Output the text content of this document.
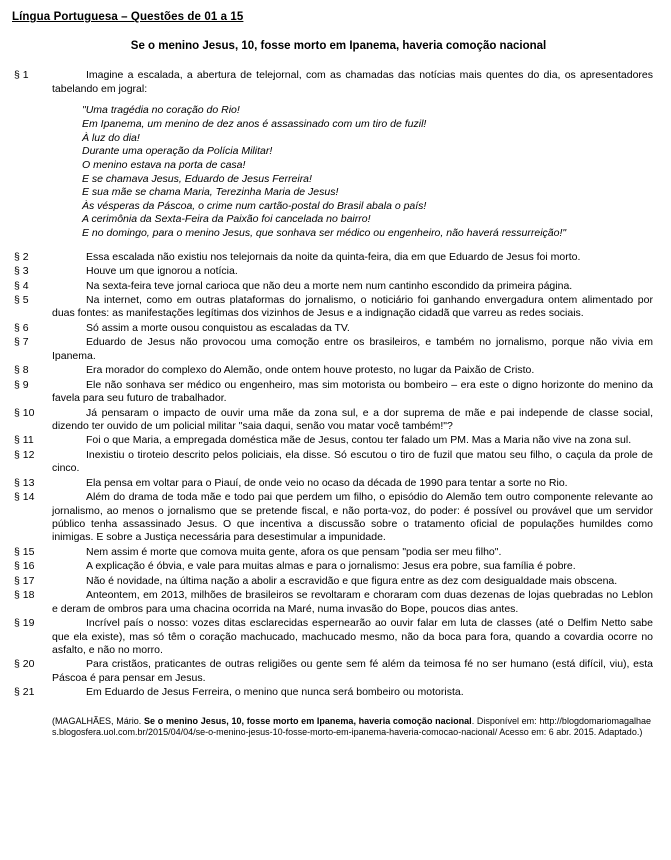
Língua Portuguesa – Questões de 01 a 15
Se o menino Jesus, 10, fosse morto em Ipanema, haveria comoção nacional
§ 1	Imagine a escalada, a abertura de telejornal, com as chamadas das notícias mais quentes do dia, os apresentadores tabelando em jogral:
"Uma tragédia no coração do Rio!
Em Ipanema, um menino de dez anos é assassinado com um tiro de fuzil!
À luz do dia!
Durante uma operação da Polícia Militar!
O menino estava na porta de casa!
E se chamava Jesus, Eduardo de Jesus Ferreira!
E sua mãe se chama Maria, Terezinha Maria de Jesus!
Às vésperas da Páscoa, o crime num cartão-postal do Brasil abala o país!
A cerimônia da Sexta-Feira da Paixão foi cancelada no bairro!
E no domingo, para o menino Jesus, que sonhava ser médico ou engenheiro, não haverá ressurreição!"
§ 2	Essa escalada não existiu nos telejornais da noite da quinta-feira, dia em que Eduardo de Jesus foi morto.
§ 3	Houve um que ignorou a notícia.
§ 4	Na sexta-feira teve jornal carioca que não deu a morte nem num cantinho escondido da primeira página.
§ 5	Na internet, como em outras plataformas do jornalismo, o noticiário foi ganhando envergadura ontem alimentado por duas fontes: as manifestações legítimas dos vizinhos de Jesus e a indignação cidadã que varreu as redes sociais.
§ 6	Só assim a morte ousou conquistou as escaladas da TV.
§ 7	Eduardo de Jesus não provocou uma comoção entre os brasileiros, e também no jornalismo, porque não vivia em Ipanema.
§ 8	Era morador do complexo do Alemão, onde ontem houve protesto, no lugar da Paixão de Cristo.
§ 9	Ele não sonhava ser médico ou engenheiro, mas sim motorista ou bombeiro – era este o digno horizonte do menino da favela para seu futuro de trabalhador.
§ 10	Já pensaram o impacto de ouvir uma mãe da zona sul, e a dor suprema de mãe e pai independe de classe social, dizendo ter ouvido de um policial militar "saia daqui, senão vou matar você também!"?
§ 11	Foi o que Maria, a empregada doméstica mãe de Jesus, contou ter falado um PM. Mas a Maria não vive na zona sul.
§ 12	Inexistiu o tiroteio descrito pelos policiais, ela disse. Só escutou o tiro de fuzil que matou seu filho, o caçula da prole de cinco.
§ 13	Ela pensa em voltar para o Piauí, de onde veio no ocaso da década de 1990 para tentar a sorte no Rio.
§ 14	Além do drama de toda mãe e todo pai que perdem um filho, o episódio do Alemão tem outro componente relevante ao jornalismo, ao menos o jornalismo que se pretende fiscal, e não porta-voz, do poder: é possível ou provável que um servidor público tenha assassinado Jesus. O que incentiva a discussão sobre o tratamento oficial de populações humildes como inimigas. E sobre a Justiça necessária para desestimular a impunidade.
§ 15	Nem assim é morte que comova muita gente, afora os que pensam "podia ser meu filho".
§ 16	A explicação é óbvia, e vale para muitas almas e para o jornalismo: Jesus era pobre, sua família é pobre.
§ 17	Não é novidade, na última nação a abolir a escravidão e que figura entre as dez com desigualdade mais obscena.
§ 18	Anteontem, em 2013, milhões de brasileiros se revoltaram e choraram com duas dezenas de lojas quebradas no Leblon e deram de ombros para uma chacina ocorrida na Maré, numa invasão do Bope, poucos dias antes.
§ 19	Incrível país o nosso: vozes ditas esclarecidas espernearão ao ouvir falar em luta de classes (até o Delfim Netto sabe que ela existe), mas só têm o coração machucado, machucado mesmo, não da boca para fora, quando a covardia ocorre no asfalto, e não no morro.
§ 20	Para cristãos, praticantes de outras religiões ou gente sem fé além da teimosa fé no ser humano (está difícil, viu), esta Páscoa é para pensar em Jesus.
§ 21	Em Eduardo de Jesus Ferreira, o menino que nunca será bombeiro ou motorista.
(MAGALHÃES, Mário. Se o menino Jesus, 10, fosse morto em Ipanema, haveria comoção nacional. Disponível em: http://blogdomariomagalhaes.blogosfera.uol.com.br/2015/04/04/se-o-menino-jesus-10-fosse-morto-em-ipanema-haveria-comocao-nacional/ Acesso em: 6 abr. 2015. Adaptado.)
